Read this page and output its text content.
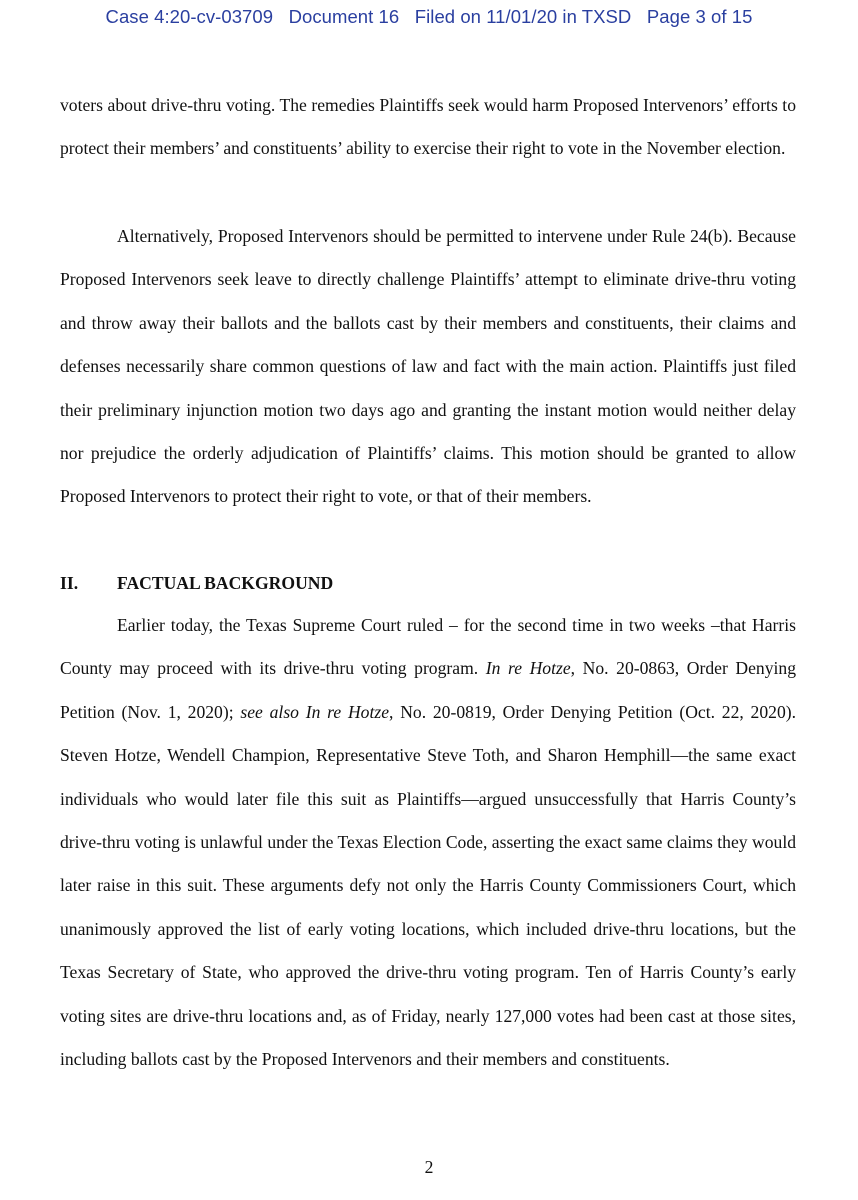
Case 4:20-cv-03709 Document 16 Filed on 11/01/20 in TXSD Page 3 of 15

voters about drive-thru voting. The remedies Plaintiffs seek would harm Proposed Intervenors’ efforts to protect their members’ and constituents’ ability to exercise their right to vote in the November election.

Alternatively, Proposed Intervenors should be permitted to intervene under Rule 24(b). Because Proposed Intervenors seek leave to directly challenge Plaintiffs’ attempt to eliminate drive-thru voting and throw away their ballots and the ballots cast by their members and constituents, their claims and defenses necessarily share common questions of law and fact with the main action. Plaintiffs just filed their preliminary injunction motion two days ago and granting the instant motion would neither delay nor prejudice the orderly adjudication of Plaintiffs’ claims. This motion should be granted to allow Proposed Intervenors to protect their right to vote, or that of their members.

II. FACTUAL BACKGROUND

Earlier today, the Texas Supreme Court ruled – for the second time in two weeks –that Harris County may proceed with its drive-thru voting program. In re Hotze, No. 20-0863, Order Denying Petition (Nov. 1, 2020); see also In re Hotze, No. 20-0819, Order Denying Petition (Oct. 22, 2020). Steven Hotze, Wendell Champion, Representative Steve Toth, and Sharon Hemphill—the same exact individuals who would later file this suit as Plaintiffs—argued unsuccessfully that Harris County’s drive-thru voting is unlawful under the Texas Election Code, asserting the exact same claims they would later raise in this suit. These arguments defy not only the Harris County Commissioners Court, which unanimously approved the list of early voting locations, which included drive-thru locations, but the Texas Secretary of State, who approved the drive-thru voting program. Ten of Harris County’s early voting sites are drive-thru locations and, as of Friday, nearly 127,000 votes had been cast at those sites, including ballots cast by the Proposed Intervenors and their members and constituents.

2
